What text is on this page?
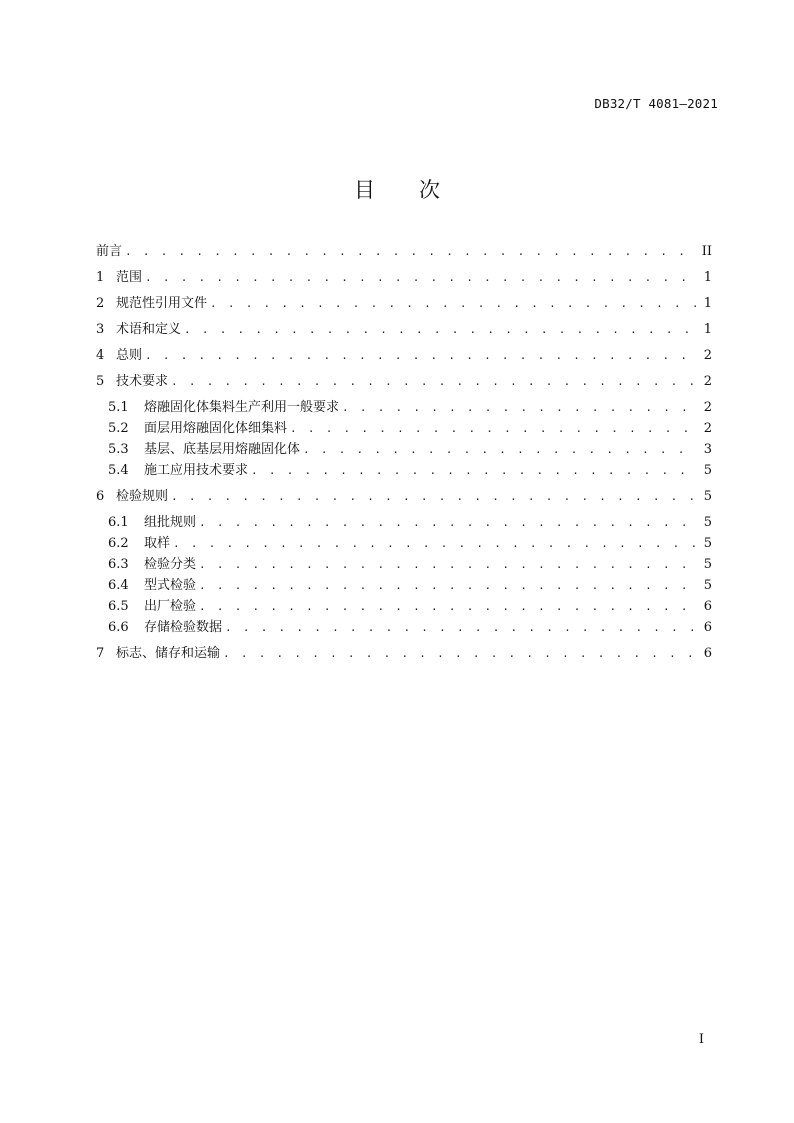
DB32/T 4081—2021
目次
前言 . . .	II
1 范围 . . .	1
2 规范性引用文件 . . .	1
3 术语和定义 . . .	1
4 总则 . . .	2
5 技术要求 . . .	2
5.1	熔融固化体集料生产利用一般要求 . . .	2
5.2	面层用熔融固化体细集料 . . .	2
5.3	基层、底基层用熔融固化体 . . .	3
5.4	施工应用技术要求 . . .	5
6 检验规则 . . .	5
6.1	组批规则 . . .	5
6.2	取样 . . .	5
6.3	检验分类 . . .	5
6.4	型式检验 . . .	5
6.5	出厂检验 . . .	6
6.6	存储检验数据 . . .	6
7 标志、储存和运输 . . .	6
I
